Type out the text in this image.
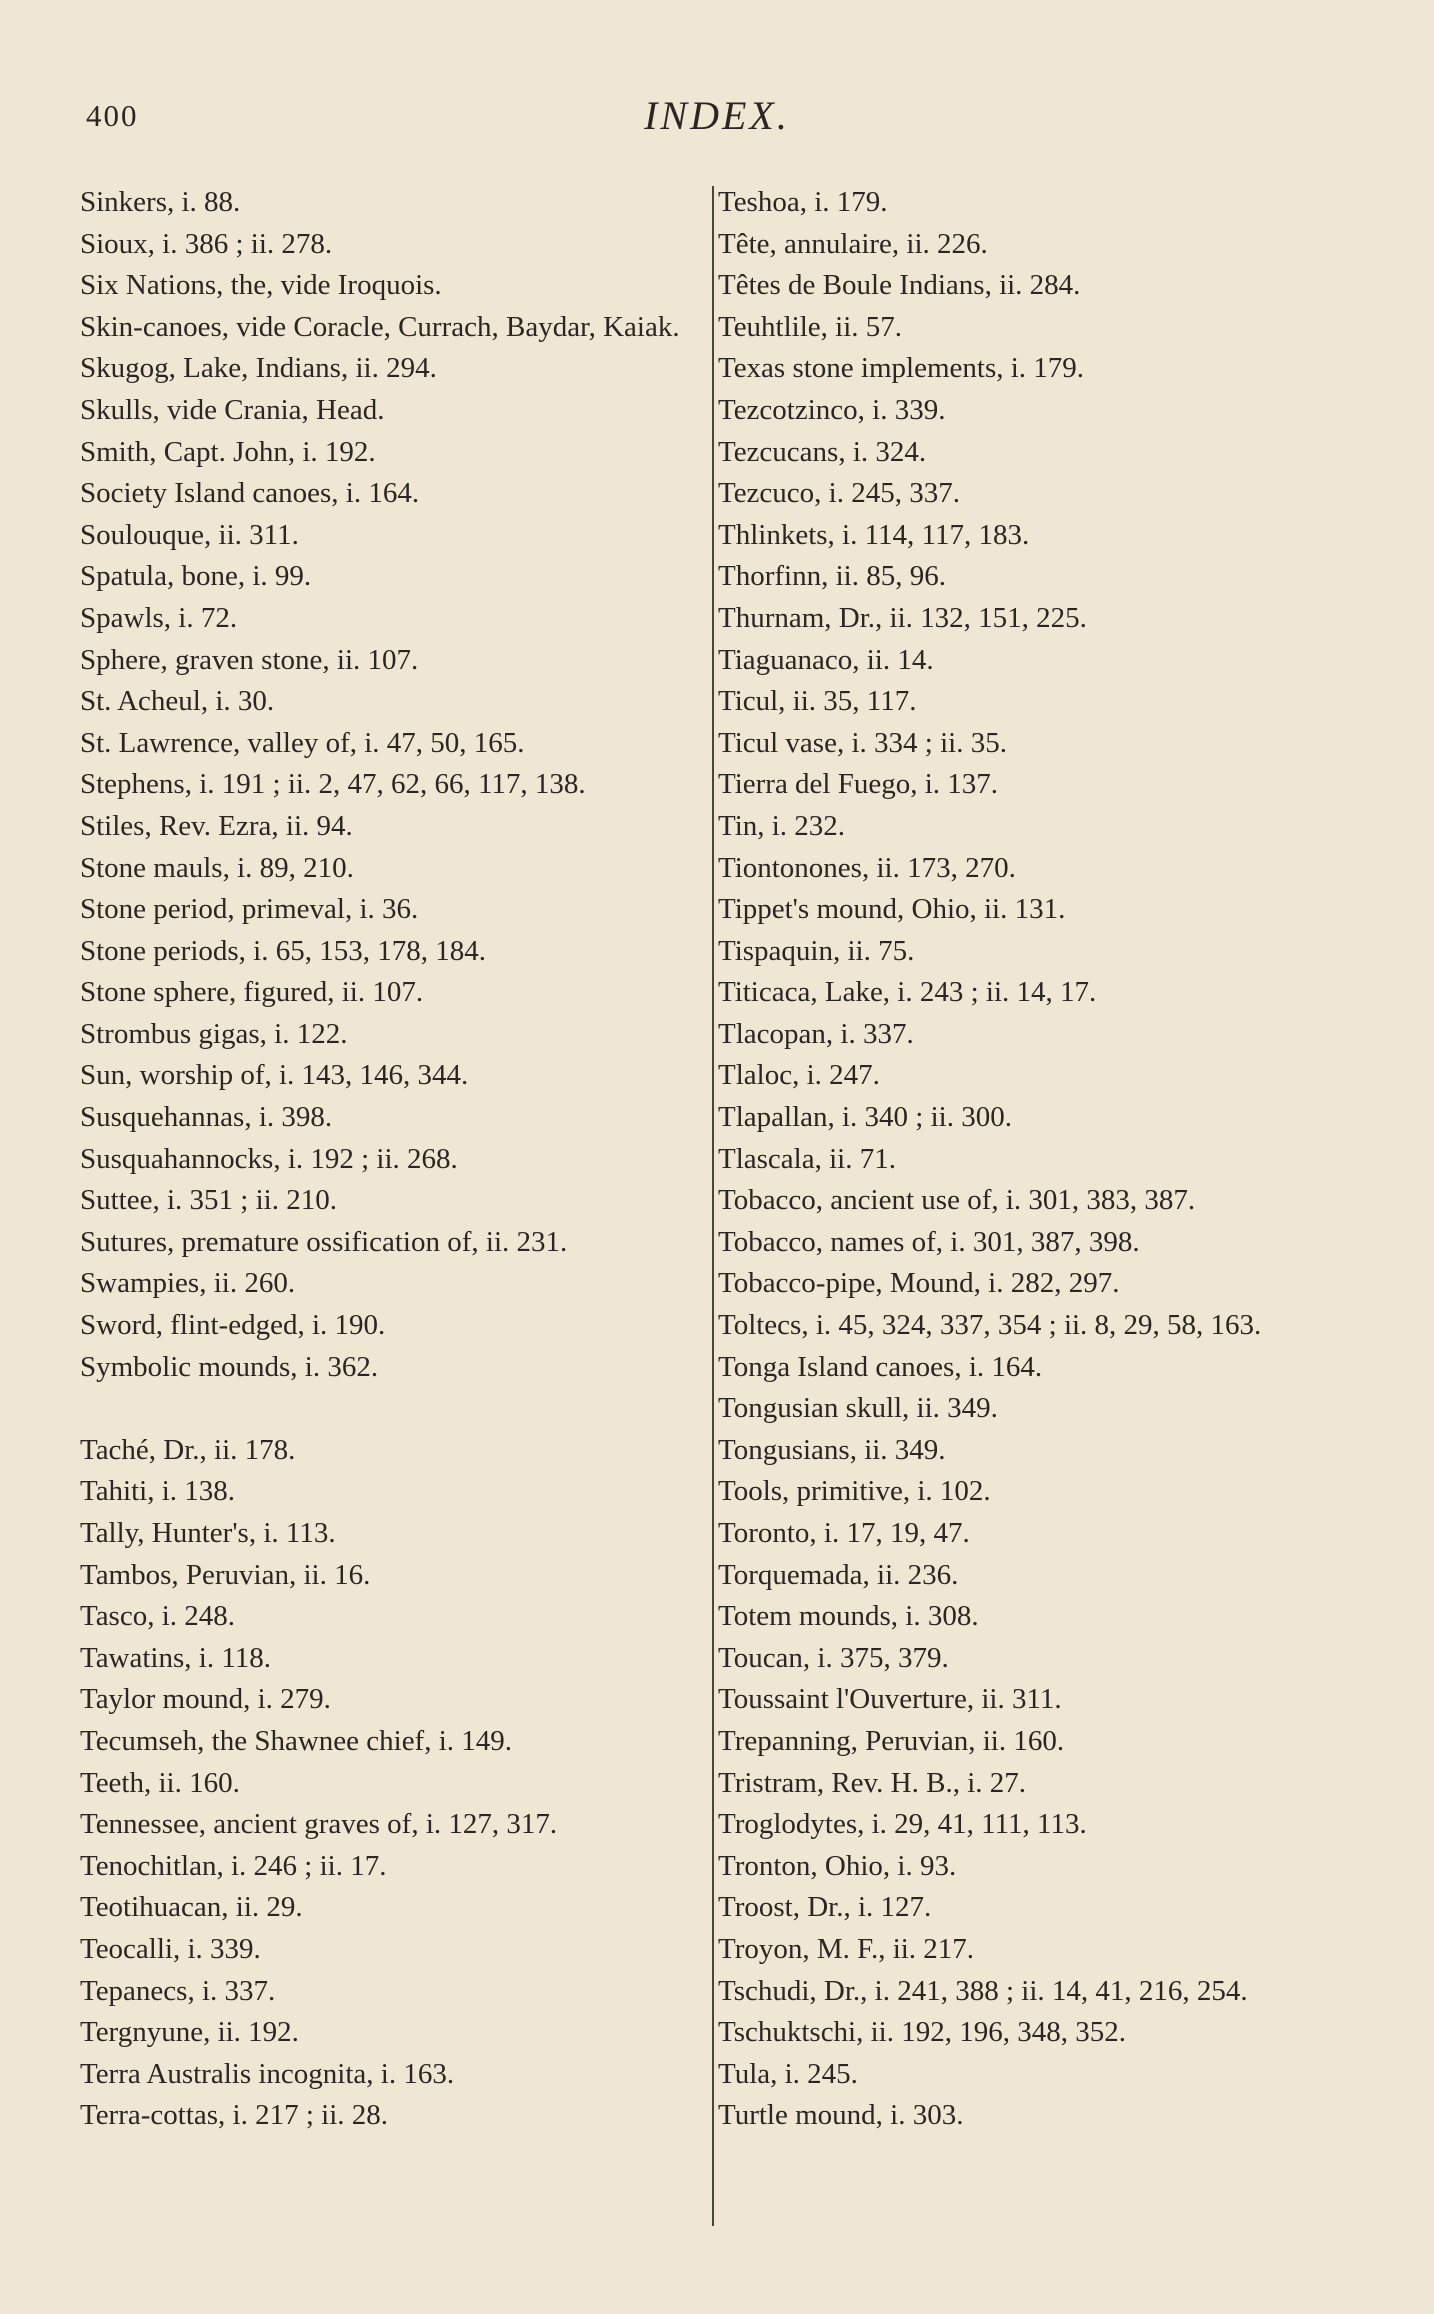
400	INDEX.
Sinkers, i. 88.
Sioux, i. 386 ; ii. 278.
Six Nations, the, vide Iroquois.
Skin-canoes, vide Coracle, Currach, Baydar, Kaiak.
Skugog, Lake, Indians, ii. 294.
Skulls, vide Crania, Head.
Smith, Capt. John, i. 192.
Society Island canoes, i. 164.
Soulouque, ii. 311.
Spatula, bone, i. 99.
Spawls, i. 72.
Sphere, graven stone, ii. 107.
St. Acheul, i. 30.
St. Lawrence, valley of, i. 47, 50, 165.
Stephens, i. 191 ; ii. 2, 47, 62, 66, 117, 138.
Stiles, Rev. Ezra, ii. 94.
Stone mauls, i. 89, 210.
Stone period, primeval, i. 36.
Stone periods, i. 65, 153, 178, 184.
Stone sphere, figured, ii. 107.
Strombus gigas, i. 122.
Sun, worship of, i. 143, 146, 344.
Susquehannas, i. 398.
Susquahannocks, i. 192 ; ii. 268.
Suttee, i. 351 ; ii. 210.
Sutures, premature ossification of, ii. 231.
Swampies, ii. 260.
Sword, flint-edged, i. 190.
Symbolic mounds, i. 362.
Taché, Dr., ii. 178.
Tahiti, i. 138.
Tally, Hunter's, i. 113.
Tambos, Peruvian, ii. 16.
Tasco, i. 248.
Tawatins, i. 118.
Taylor mound, i. 279.
Tecumseh, the Shawnee chief, i. 149.
Teeth, ii. 160.
Tennessee, ancient graves of, i. 127, 317.
Tenochitlan, i. 246 ; ii. 17.
Teotihuacan, ii. 29.
Teocalli, i. 339.
Tepanecs, i. 337.
Tergnyune, ii. 192.
Terra Australis incognita, i. 163.
Terra-cottas, i. 217 ; ii. 28.
Teshoa, i. 179.
Tête, annulaire, ii. 226.
Têtes de Boule Indians, ii. 284.
Teuhtlile, ii. 57.
Texas stone implements, i. 179.
Tezcotzinco, i. 339.
Tezcucans, i. 324.
Tezcuco, i. 245, 337.
Thlinkets, i. 114, 117, 183.
Thorfinn, ii. 85, 96.
Thurnam, Dr., ii. 132, 151, 225.
Tiaguanaco, ii. 14.
Ticul, ii. 35, 117.
Ticul vase, i. 334 ; ii. 35.
Tierra del Fuego, i. 137.
Tin, i. 232.
Tiontonones, ii. 173, 270.
Tippet's mound, Ohio, ii. 131.
Tispaquin, ii. 75.
Titicaca, Lake, i. 243 ; ii. 14, 17.
Tlacopan, i. 337.
Tlaloc, i. 247.
Tlapallan, i. 340 ; ii. 300.
Tlascala, ii. 71.
Tobacco, ancient use of, i. 301, 383, 387.
Tobacco, names of, i. 301, 387, 398.
Tobacco-pipe, Mound, i. 282, 297.
Toltecs, i. 45, 324, 337, 354 ; ii. 8, 29, 58, 163.
Tonga Island canoes, i. 164.
Tongusian skull, ii. 349.
Tongusians, ii. 349.
Tools, primitive, i. 102.
Toronto, i. 17, 19, 47.
Torquemada, ii. 236.
Totem mounds, i. 308.
Toucan, i. 375, 379.
Toussaint l'Ouverture, ii. 311.
Trepanning, Peruvian, ii. 160.
Tristram, Rev. H. B., i. 27.
Troglodytes, i. 29, 41, 111, 113.
Tronton, Ohio, i. 93.
Troost, Dr., i. 127.
Troyon, M. F., ii. 217.
Tschudi, Dr., i. 241, 388 ; ii. 14, 41, 216, 254.
Tschuktschi, ii. 192, 196, 348, 352.
Tula, i. 245.
Turtle mound, i. 303.
